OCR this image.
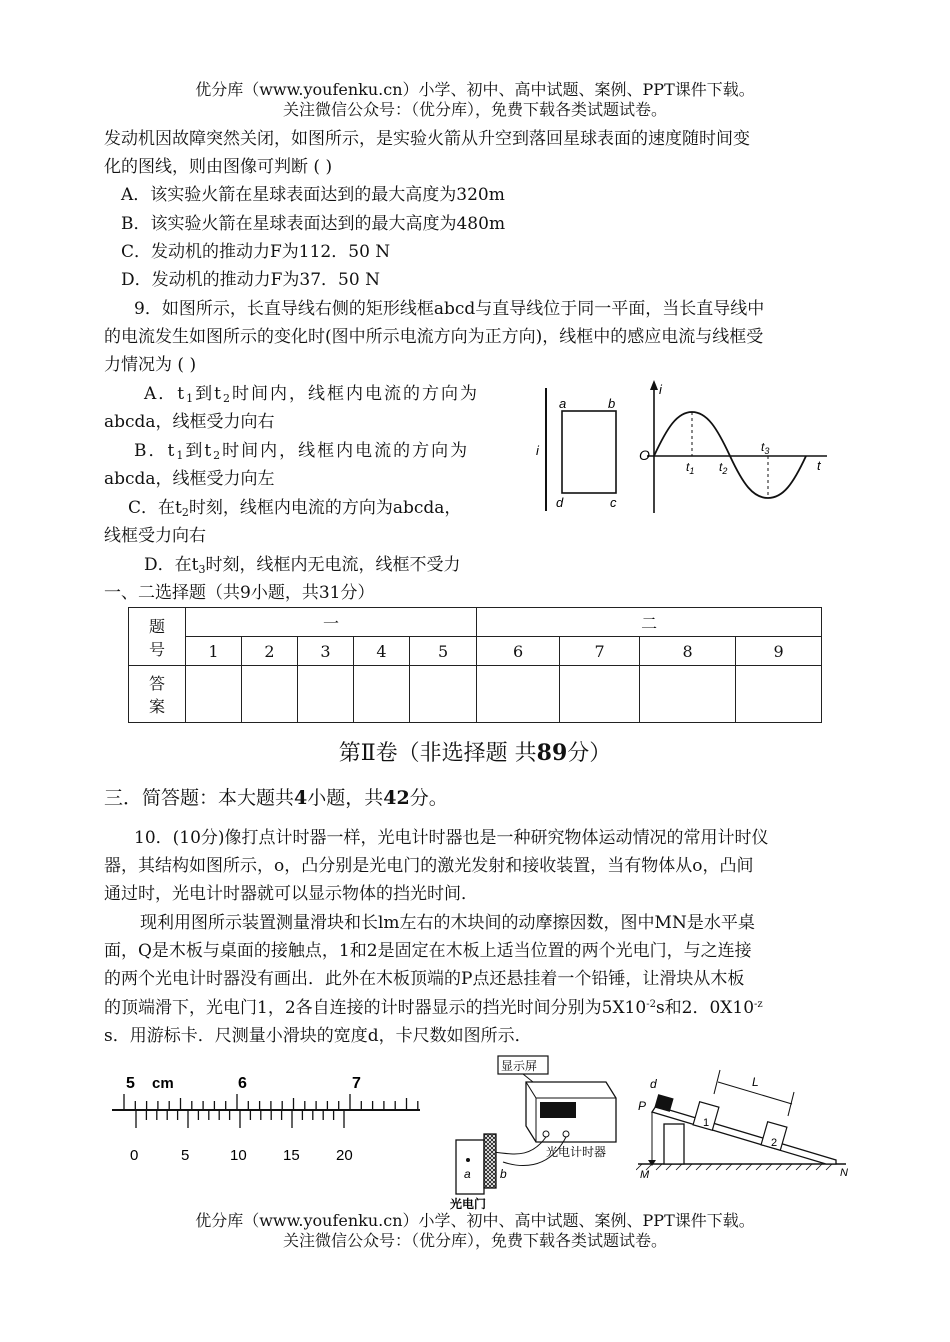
优分库（www.youfenku.cn）小学、初中、高中试题、案例、PPT课件下载。
关注微信公众号：（优分库），免费下载各类试题试卷。
发动机因故障突然关闭，如图所示，是实验火箭从升空到落回星球表面的速度随时间变
化的图线，则由图像可判断 ( )
A．该实验火箭在星球表面达到的最大高度为320m
B．该实验火箭在星球表面达到的最大高度为480m
C．发动机的推动力F为112．50 N
D．发动机的推动力F为37．50 N
9．如图所示，长直导线右侧的矩形线框abcd与直导线位于同一平面，当长直导线中
的电流发生如图所示的变化时(图中所示电流方向为正方向)，线框中的感应电流与线框受
力情况为 ( )
A．$t_1$到$t_2$时间内，线框内电流的方向为
abcda，线框受力向右
B．$t_1$到$t_2$时间内，线框内电流的方向为
abcda，线框受力向左
C．在$t_2$时刻，线框内电流的方向为abcda，
线框受力向右
D．在$t_3$时刻，线框内无电流，线框不受力
i
a	b
c
d
i
O
$t_1$ $t_2$
$t_3$
t
一、二选择题（共9小题，共31分）
题
号	一					二			
	1	2	3	4	5	6	7	8	9

答
案									

第Ⅱ卷（非选择题 共89分）
三．简答题：本大题共4小题，共42分。
10．(10分)像打点计时器一样，光电计时器也是一种研究物体运动情况的常用计时仪
器，其结构如图所示，o，凸分别是光电门的激光发射和接收装置，当有物体从o，凸间
通过时，光电计时器就可以显示物体的挡光时间．
现利用图所示装置测量滑块和长lm左右的木块间的动摩擦因数，图中MN是水平桌
面，Q是木板与桌面的接触点，1和2是固定在木板上适当位置的两个光电门，与之连接
的两个光电计时器没有画出．此外在木板顶端的P点还悬挂着一个铅锤，让滑块从木板
的顶端滑下，光电门1，2各自连接的计时器显示的挡光时间分别为$5X10^{-2}s$和2．$0X10^{-z}$
s．用游标卡．尺测量小滑块的宽度d，卡尺数如图所示．
5 cm	6	7
0	5	10 15 20
显示屏
光电计时器
a b
光电门
d
P
1
2
L
M	N
优分库（www.youfenku.cn）小学、初中、高中试题、案例、PPT课件下载。
关注微信公众号：（优分库），免费下载各类试题试卷。
